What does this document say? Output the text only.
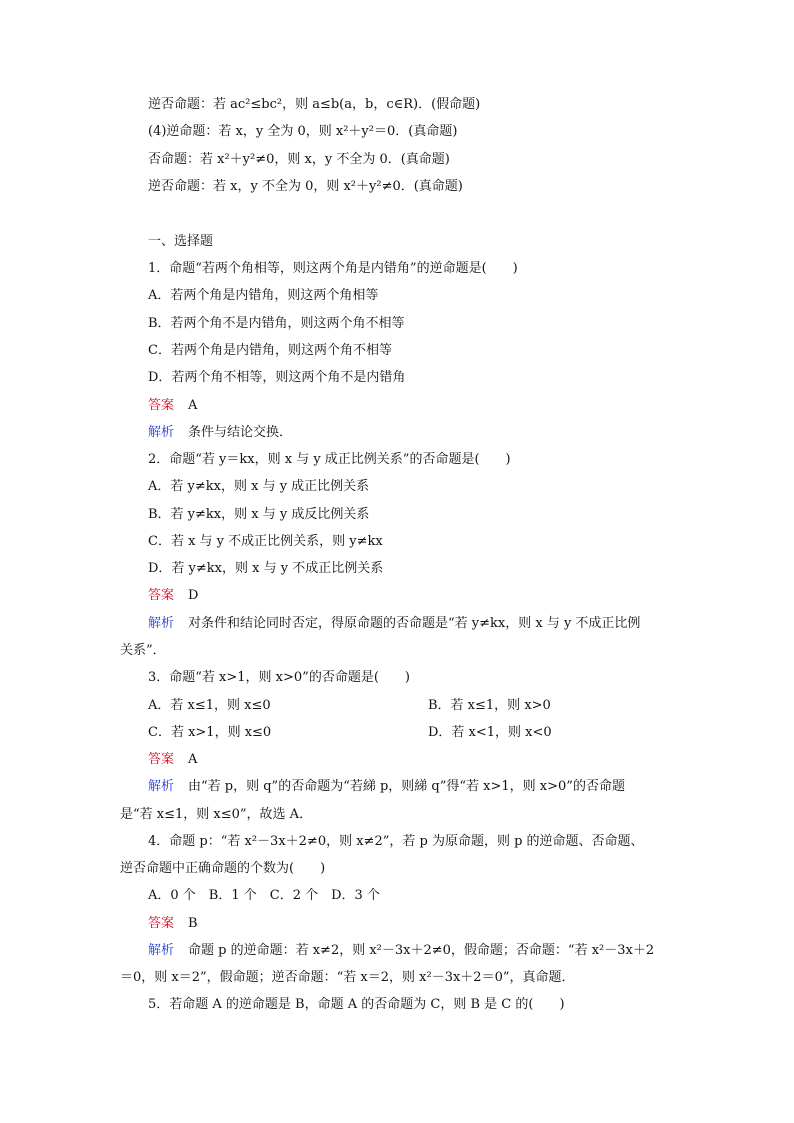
逆否命题：若 ac²≤bc²，则 a≤b(a，b，c∈R)．(假命题)
(4)逆命题：若 x，y 全为 0，则 x²＋y²＝0．(真命题)
否命题：若 x²＋y²≠0，则 x，y 不全为 0．(真命题)
逆否命题：若 x，y 不全为 0，则 x²＋y²≠0．(真命题)
一、选择题
1．命题“若两个角相等，则这两个角是内错角”的逆命题是(　　)
A．若两个角是内错角，则这两个角相等
B．若两个角不是内错角，则这两个角不相等
C．若两个角是内错角，则这两个角不相等
D．若两个角不相等，则这两个角不是内错角
答案 A
解析 条件与结论交换．
2．命题“若 y＝kx，则 x 与 y 成正比例关系”的否命题是(　　)
A．若 y≠kx，则 x 与 y 成正比例关系
B．若 y≠kx，则 x 与 y 成反比例关系
C．若 x 与 y 不成正比例关系，则 y≠kx
D．若 y≠kx，则 x 与 y 不成正比例关系
答案 D
解析 对条件和结论同时否定，得原命题的否命题是“若 y≠kx，则 x 与 y 不成正比例
关系”．
3．命题“若 x>1，则 x>0”的否命题是(　　)
A．若 x≤1，则 x≤0	B．若 x≤1，则 x>0
C．若 x>1，则 x≤0	D．若 x<1，则 x<0
答案 A
解析 由“若 p，则 q”的否命题为“若綈 p，则綈 q”得“若 x>1，则 x>0”的否命题
是“若 x≤1，则 x≤0”，故选 A．
4．命题 p：“若 x²－3x＋2≠0，则 x≠2”，若 p 为原命题，则 p 的逆命题、否命题、
逆否命题中正确命题的个数为(　　)
A．0 个　B．1 个　C．2 个　D．3 个
答案 B
解析 命题 p 的逆命题：若 x≠2，则 x²－3x＋2≠0，假命题；否命题：“若 x²－3x＋2
＝0，则 x＝2”，假命题；逆否命题：“若 x＝2，则 x²－3x＋2＝0”，真命题．
5．若命题 A 的逆命题是 B，命题 A 的否命题为 C，则 B 是 C 的(　　)
